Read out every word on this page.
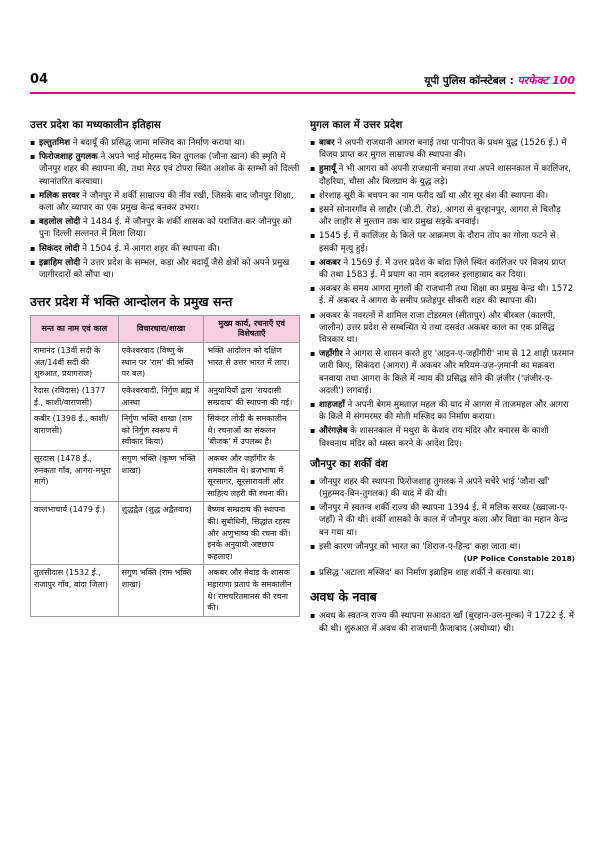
04	यूपी पुलिस कॉन्स्टेबल : परफेक्ट 100
उत्तर प्रदेश का मध्यकालीन इतिहास
▪ इल्तुतमिश ने बदायूँ की प्रसिद्ध जामा मस्जिद का निर्माण कराया था।
▪ फिरोजशाह तुगलक ने अपने भाई मोहम्मद बिन तुगलक (जौना खान) की स्मृति में जौनपुर शहर की स्थापना की, तथा मेरठ एवं टोपरा स्थित अशोक के स्तम्भों को दिल्ली स्थानांतरित करवाया।
▪ मलिक सरवर ने जौनपुर में शर्की साम्राज्य की नींव रखी, जिसके बाद जौनपुर शिक्षा, कला और व्यापार का एक प्रमुख केन्द्र बनकर उभरा।
▪ बहलोल लोदी ने 1484 ई. में जौनपुर के शर्की शासक को पराजित कर जौनपुर को पुनः दिल्ली सल्तनत में मिला लिया।
▪ सिकंदर लोदी ने 1504 ई. में आगरा शहर की स्थापना की।
▪ इब्राहिम लोदी ने उत्तर प्रदेश के सम्भल, कड़ा और बदायूँ जैसे क्षेत्रों को अपने प्रमुख जागीरदारों को सौंपा था।
उत्तर प्रदेश में भक्ति आन्दोलन के प्रमुख सन्त
सन्त का नाम एवं काल	विचारधारा/शाखा	मुख्य कार्य, रचनाएँ एवं विशेषताएँ
रामानंद (13वीं सदी के अंत/14वीं सदी की शुरुआत, प्रयागराज)	एकेश्वरवाद (विष्णु के स्थान पर 'राम' की भक्ति पर बल)	भक्ति आंदोलन को दक्षिण भारत से उत्तर भारत में लाए।
रैदास (रविदास) (1377 ई., काशी/वाराणसी)	एकेश्वरवादी, निर्गुण ब्रह्म में आस्था	अनुयायियों द्वारा 'रायदासी सम्प्रदाय' की स्थापना की गई।
कबीर (1398 ई., काशी/वाराणसी)	निर्गुण भक्ति शाखा (राम को निर्गुण स्वरूप में स्वीकार किया)	सिकंदर लोदी के समकालीन थे। रचनाओं का संकलन 'बीजक' में उपलब्ध है।
सूरदास (1478 ई., रुनकता गाँव, आगरा-मथुरा मार्ग)	सगुण भक्ति (कृष्ण भक्ति शाखा)	अकबर और जहाँगीर के समकालीन थे। ब्रजभाषा में सूरसागर, सूरसारावली और साहित्य लहरी की रचना की।
वल्लभाचार्य (1479 ई.)	शुद्धद्वैत (शुद्ध अद्वैतवाद)	वैष्णव सम्प्रदाय की स्थापना की। सुबोधिनी, सिद्धांत रहस्य और अणुभाष्य की रचना की। इनके अनुयायी अष्टछाप कहलाए।
तुलसीदास (1532 ई., राजापुर गाँव, बांदा जिला)	सगुण भक्ति (राम भक्ति शाखा)	अकबर और मेवाड़ के शासक महाराणा प्रताप के समकालीन थे। रामचरितमानस की रचना की।
मुगल काल में उत्तर प्रदेश
▪ बाबर ने अपनी राजधानी आगरा बनाई तथा पानीपत के प्रथम युद्ध (1526 ई.) में विजय प्राप्त कर मुगल साम्राज्य की स्थापना की।
▪ हुमायूँ ने भी आगरा को अपनी राजधानी बनाया तथा अपने शासनकाल में कालिंजर, दौहरिया, चौसा और बिलग्राम के युद्ध लड़े।
▪ शेरशाह सूरी के बचपन का नाम फरीद खाँ था और सूर वंश की स्थापना की।
▪ इसने सोनारगाँव से लाहौर (जी.टी. रोड), आगरा से बुरहानपुर, आगरा से चित्तौड़ और लाहौर से मुल्तान तक चार प्रमुख सड़कें बनवाई।
▪ 1545 ई. में कालिंजर के किले पर आक्रमण के दौरान तोप का गोला फटने से इसकी मृत्यु हुई।
▪ अकबर ने 1569 ई. में उत्तर प्रदेश के बांदा ज़िले स्थित कालिंजर पर विजय प्राप्त की तथा 1583 ई. में प्रयाग का नाम बदलकर इलाहाबाद कर दिया।
▪ अकबर के समय आगरा मुगलों की राजधानी तथा शिक्षा का प्रमुख केन्द्र थी। 1572 ई. में अकबर ने आगरा के समीप फ़तेहपुर सीकरी शहर की स्थापना की।
▪ अकबर के नवरत्नों में शामिल राजा टोडरमल (सीतापुर) और बीरबल (कालपी, जालौन) उत्तर प्रदेश से सम्बन्धित थे तथा दसवंत अकबर काल का एक प्रसिद्ध चित्रकार था।
▪ जहाँगीर ने आगरा से शासन करते हुए 'आइन-ए-जहाँगीरी' नाम से 12 शाही फ़रमान जारी किए, सिकंदरा (आगरा) में अकबर और मरियम-उज़-ज़मानी का मक़बरा बनवाया तथा आगरा के किले में न्याय की प्रसिद्ध सोने की ज़ंजीर ('ज़ंजीर-ए-अदली') लगवाई।
▪ शाहजहाँ ने अपनी बेगम मुमताज़ महल की याद में आगरा में ताजमहल और आगरा के किले में संगमरमर की मोती मस्जिद का निर्माण कराया।
▪ औरंगज़ेब के शासनकाल में मथुरा के केशव राय मंदिर और बनारस के काशी विश्वनाथ मंदिर को ध्वस्त करने के आदेश दिए।
जौनपुर का शर्की वंश
▪ जौनपुर शहर की स्थापना फिरोजशाह तुगलक ने अपने चचेरे भाई 'जौना खाँ' (मुहम्मद-बिन-तुगलक) की याद में की थी।
▪ जौनपुर में स्वतन्त्र शर्की राज्य की स्थापना 1394 ई. में मलिक सरवर (ख्वाजा-ए-जहाँ) ने की थी। शर्की शासकों के काल में जौनपुर कला और विद्या का महान केन्द्र बन गया था।
▪ इसी कारण जौनपुर को भारत का 'शिराज-ए-हिन्द' कहा जाता था।
(UP Police Constable 2018)
▪ प्रसिद्ध 'अटाला मस्जिद' का निर्माण इब्राहिम शाह शर्की ने करवाया था।
अवध के नवाब
▪ अवध के स्वतन्त्र राज्य की स्थापना सआदत खाँ (बुरहान-उल-मुल्क) ने 1722 ई. में की थी। शुरुआत में अवध की राजधानी फ़ैजाबाद (अयोध्या) थी।
